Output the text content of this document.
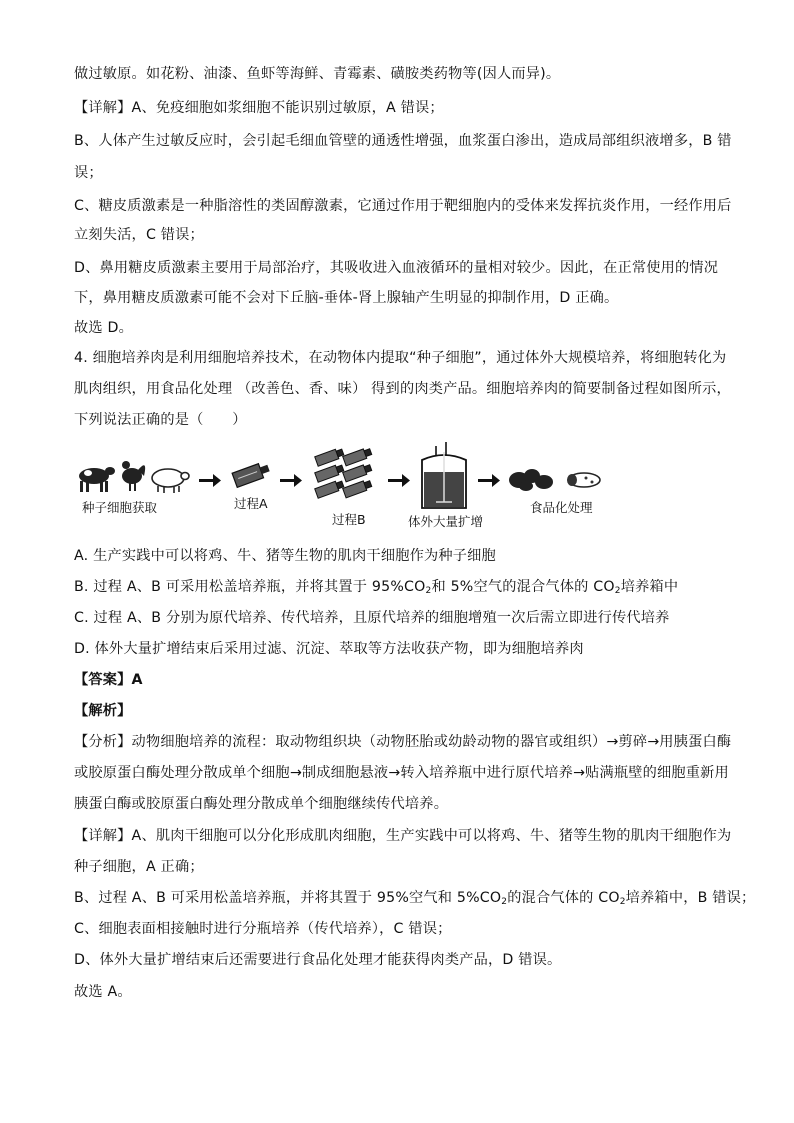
做过敏原。如花粉、油漆、鱼虾等海鲜、青霉素、磺胺类药物等(因人而异)。
【详解】A、免疫细胞如浆细胞不能识别过敏原，A 错误；
B、人体产生过敏反应时，会引起毛细血管壁的通透性增强，血浆蛋白渗出，造成局部组织液增多，B 错
误；
C、糖皮质激素是一种脂溶性的类固醇激素，它通过作用于靶细胞内的受体来发挥抗炎作用，一经作用后
立刻失活，C 错误；
D、鼻用糖皮质激素主要用于局部治疗，其吸收进入血液循环的量相对较少。因此，在正常使用的情况
下，鼻用糖皮质激素可能不会对下丘脑-垂体-肾上腺轴产生明显的抑制作用，D 正确。
故选 D。
4. 细胞培养肉是利用细胞培养技术，在动物体内提取“种子细胞”，通过体外大规模培养，将细胞转化为
肌肉组织，用食品化处理 （改善色、香、味） 得到的肉类产品。细胞培养肉的简要制备过程如图所示，
下列说法正确的是（　　）
种子细胞获取	过程A
过程B	体外大量扩增
食品化处理
A. 生产实践中可以将鸡、牛、猪等生物的肌肉干细胞作为种子细胞
B. 过程 A、B 可采用松盖培养瓶，并将其置于 $95\%CO_2$和 5%空气的混合气体的 $CO_2$培养箱中
C. 过程 A、B 分别为原代培养、传代培养，且原代培养的细胞增殖一次后需立即进行传代培养
D. 体外大量扩增结束后采用过滤、沉淀、萃取等方法收获产物，即为细胞培养肉
【答案】A
【解析】
【分析】动物细胞培养的流程：取动物组织块（动物胚胎或幼龄动物的器官或组织）→剪碎→用胰蛋白酶
或胶原蛋白酶处理分散成单个细胞→制成细胞悬液→转入培养瓶中进行原代培养→贴满瓶壁的细胞重新用
胰蛋白酶或胶原蛋白酶处理分散成单个细胞继续传代培养。
【详解】A、肌肉干细胞可以分化形成肌肉细胞，生产实践中可以将鸡、牛、猪等生物的肌肉干细胞作为
种子细胞，A 正确；
B、过程 A、B 可采用松盖培养瓶，并将其置于 95%空气和 $5\%CO_2$的混合气体的 $CO_2$培养箱中，B 错误；
C、细胞表面相接触时进行分瓶培养（传代培养），C 错误；
D、体外大量扩增结束后还需要进行食品化处理才能获得肉类产品，D 错误。
故选 A。
